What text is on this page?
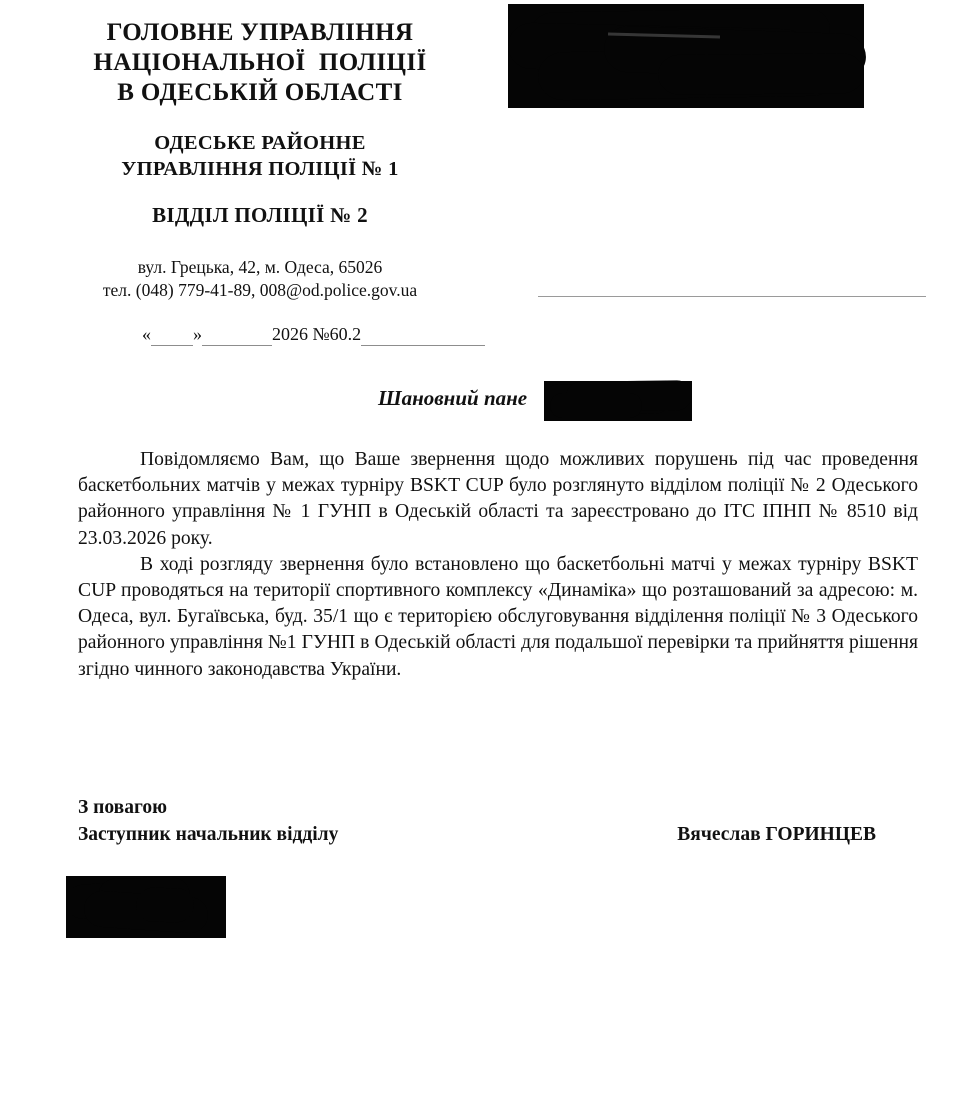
ГОЛОВНЕ УПРАВЛІННЯ
НАЦІОНАЛЬНОЇ  ПОЛІЦІЇ
В ОДЕСЬКІЙ ОБЛАСТІ
ОДЕСЬКЕ РАЙОННЕ
УПРАВЛІННЯ ПОЛІЦІЇ № 1
ВІДДІЛ ПОЛІЦІЇ № 2
вул. Грецька, 42, м. Одеса, 65026
тел. (048) 779-41-89, 008@od.police.gov.ua
« »	2026
№60.2
Шановний пане

Повідомляємо Вам, що Ваше звернення щодо можливих порушень під час проведення баскетбольних матчів у межах турніру BSKT CUP було розглянуто відділом поліції № 2 Одеського районного управління № 1 ГУНП в Одеській області та зареєстровано до ІТС ІПНП № 8510 від 23.03.2026 року.

В ході розгляду звернення було встановлено що баскетбольні матчі у межах турніру BSKT CUP проводяться на території спортивного комплексу «Динаміка» що розташований за адресою: м. Одеса, вул. Бугаївська, буд. 35/1 що є територією обслуговування відділення поліції № 3 Одеського районного управління №1 ГУНП в Одеській області для подальшої перевірки та прийняття рішення згідно чинного законодавства України.

З повагою
Заступник начальник відділу	Вячеслав ГОРИНЦЕВ
